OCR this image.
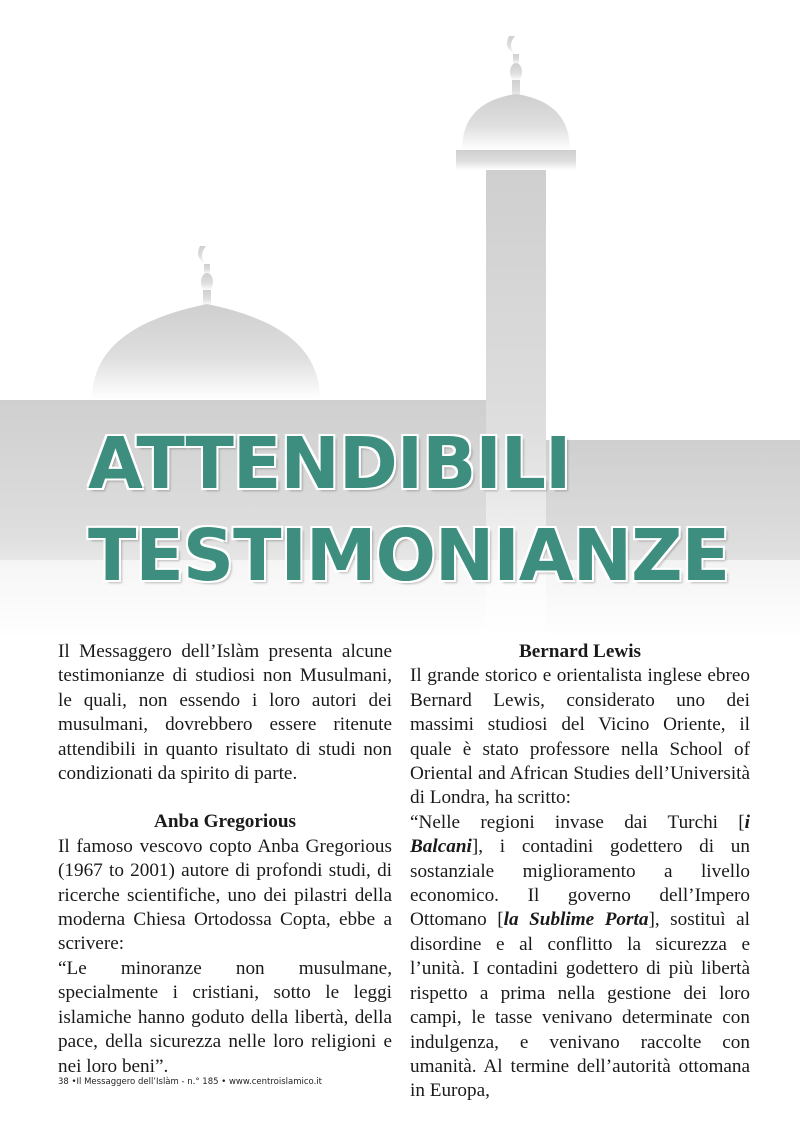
ATTENDIBILI
TESTIMONIANZE

Il Messaggero dell’Islàm presenta alcune testimonianze di studiosi non Musulmani, le quali, non essendo i loro autori dei musulmani, dovrebbero essere ritenute attendibili in quanto risultato di studi non condizionati da spirito di parte.

Anba Gregorious

Il famoso vescovo copto Anba Gregorious (1967 to 2001) autore di profondi studi, di ricerche scientifiche, uno dei pilastri della moderna Chiesa Ortodossa Copta, ebbe a scrivere:

“Le minoranze non musulmane, specialmente i cristiani, sotto le leggi islamiche hanno goduto della libertà, della pace, della sicurezza nelle loro religioni e nei loro beni”.

Bernard Lewis

Il grande storico e orientalista inglese ebreo Bernard Lewis, considerato uno dei massimi studiosi del Vicino Oriente, il quale è stato professore nella School of Oriental and African Studies dell’Università di Londra, ha scritto:

“Nelle regioni invase dai Turchi [i Balcani], i contadini godettero di un sostanziale miglioramento a livello economico. Il governo dell’Impero Ottomano [la Sublime Porta], sostituì al disordine e al conflitto la sicurezza e l’unità. I contadini godettero di più libertà rispetto a prima nella gestione dei loro campi, le tasse venivano determinate con indulgenza, e venivano raccolte con umanità. Al termine dell’autorità ottomana in Europa,

38 •Il Messaggero dell’Islàm - n.° 185 • www.centroislamico.it
